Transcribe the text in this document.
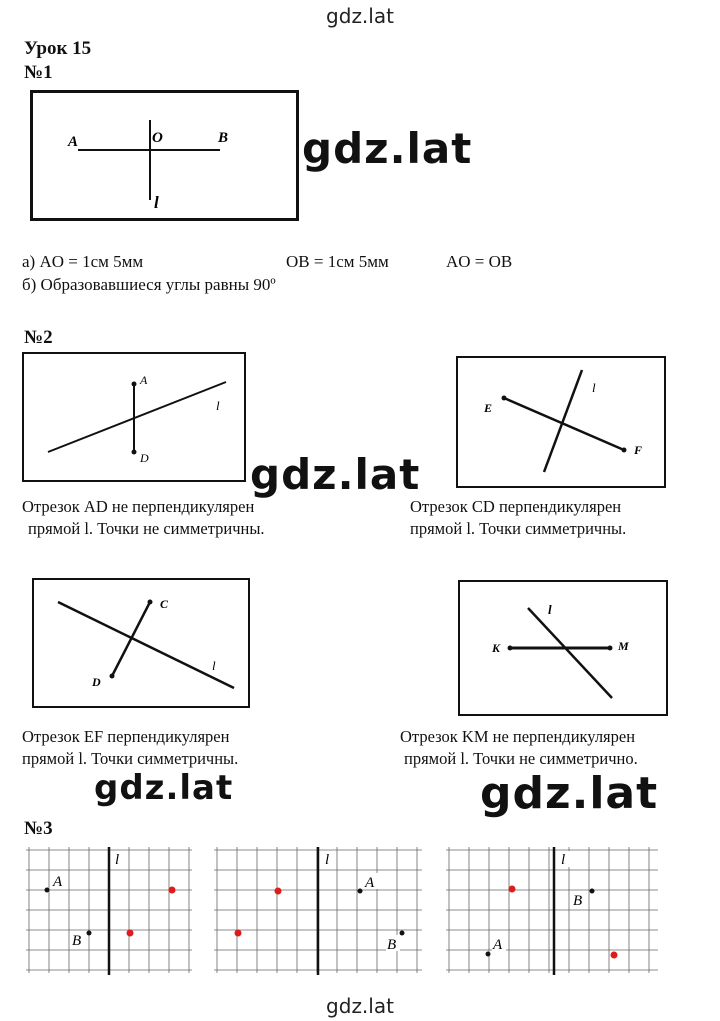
gdz.lat
Урок 15
№1
A	O	B
l
gdz.lat
а) AO = 1см 5мм	OB = 1см 5мм	AO = OB
б) Образовавшиеся углы равны 90º
№2
A
D
l	E
F
l
gdz.lat
Отрезок AD не перпендикулярен
прямой l. Точки не симметричны.
Отрезок CD перпендикулярен
прямой l. Точки симметричны.
C
D
l
K	M
l
Отрезок EF перпендикулярен
прямой l. Точки симметричны.
Отрезок KM не перпендикулярен
прямой l. Точки не симметрично.
gdz.lat	gdz.lat
№3
A
B
l
A
B
l
B
A
l
gdz.lat
